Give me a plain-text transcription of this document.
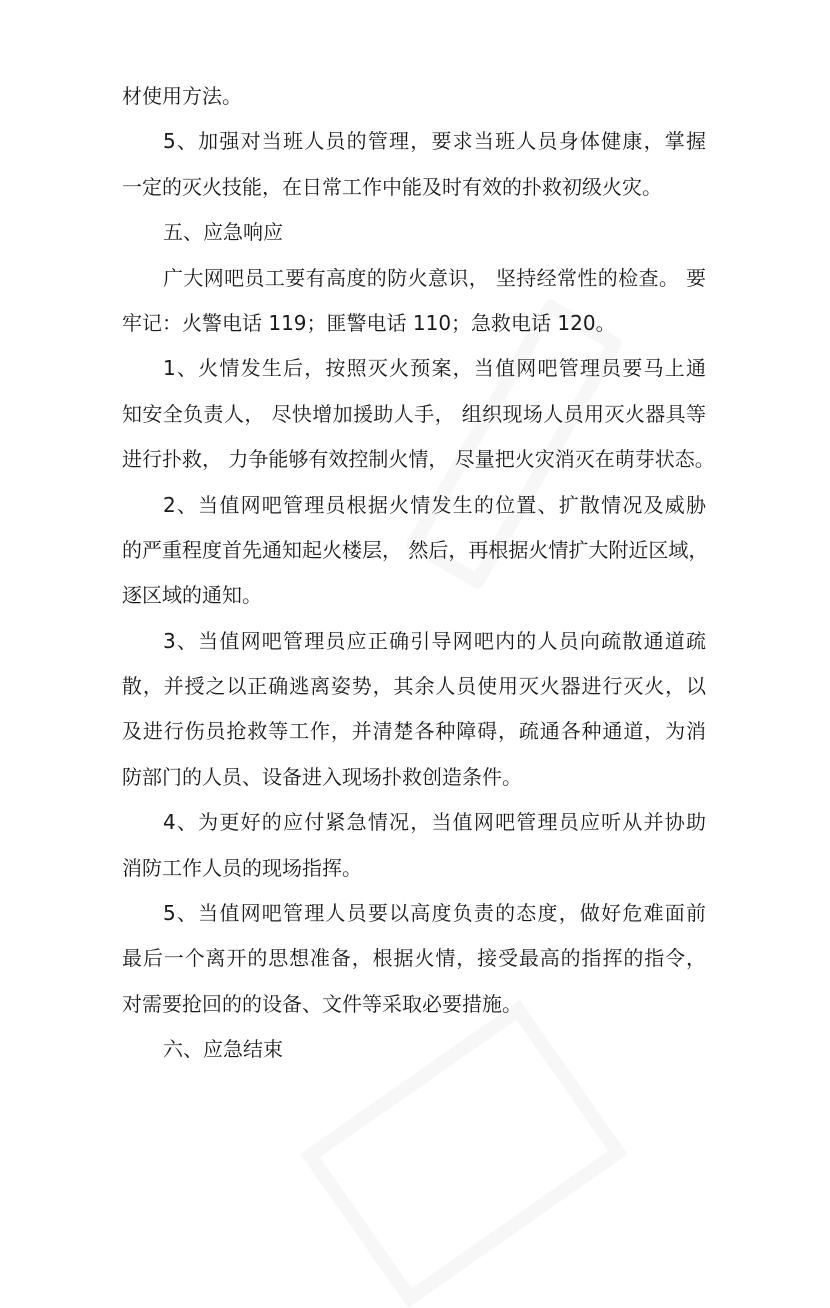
材使用方法。
5、加强对当班人员的管理，要求当班人员身体健康，掌握
一定的灭火技能，在日常工作中能及时有效的扑救初级火灾。
五、应急响应
广大网吧员工要有高度的防火意识， 坚持经常性的检查。 要
牢记：火警电话 119；匪警电话 110；急救电话 120。
1、火情发生后，按照灭火预案，当值网吧管理员要马上通
知安全负责人， 尽快增加援助人手， 组织现场人员用灭火器具等
进行扑救， 力争能够有效控制火情， 尽量把火灾消灭在萌芽状态。
2、当值网吧管理员根据火情发生的位置、扩散情况及威胁
的严重程度首先通知起火楼层， 然后，再根据火情扩大附近区域，
逐区域的通知。
3、当值网吧管理员应正确引导网吧内的人员向疏散通道疏
散，并授之以正确逃离姿势，其余人员使用灭火器进行灭火，以
及进行伤员抢救等工作，并清楚各种障碍，疏通各种通道，为消
防部门的人员、设备进入现场扑救创造条件。
4、为更好的应付紧急情况，当值网吧管理员应听从并协助
消防工作人员的现场指挥。
5、当值网吧管理人员要以高度负责的态度，做好危难面前
最后一个离开的思想准备，根据火情，接受最高的指挥的指令，
对需要抢回的的设备、文件等采取必要措施。
六、应急结束
